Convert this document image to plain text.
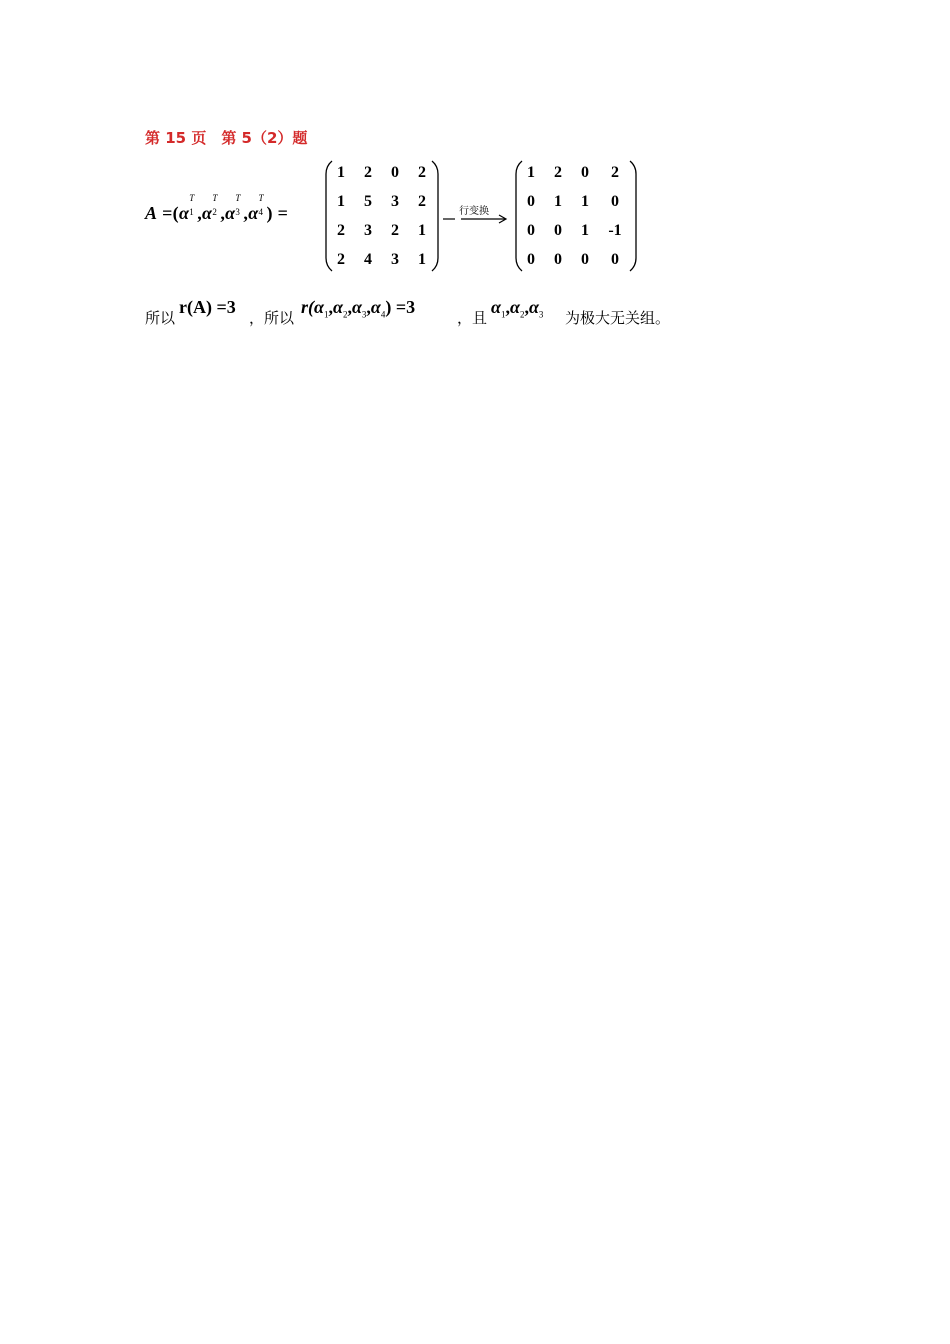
第 15 页　第 5（2）题
A =(α
T
1 ,α
T
2 ,α
T
3 ,α
T
4 ) =
1	2	0	2
1	5	3	2
2	3	2	1
2	4	3	1
行变换
1	2	0	2
0	1	1	0
0	0	1	-1
0	0	0	0
所以
r(A) =3
，所以
$r(\alpha_1,\alpha_2,\alpha_3,\alpha_4) =3$
，且
$\alpha_1,\alpha_2,\alpha_3$ 为极大无关组。
